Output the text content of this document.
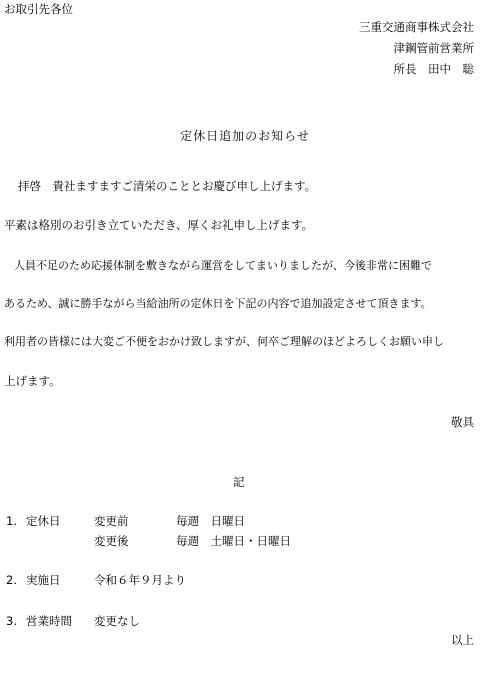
お取引先各位
三重交通商事株式会社
津鋼管前営業所
所長　田中　聡
定休日追加のお知らせ
拝啓　貴社ますますご清栄のこととお慶び申し上げます。
平素は格別のお引き立ていただき、厚くお礼申し上げます。
人員不足のため応援体制を敷きながら運営をしてまいりましたが、今後非常に困難で
あるため、誠に勝手ながら当給油所の定休日を下記の内容で追加設定させて頂きます。
利用者の皆様には大変ご不便をおかけ致しますが、何卒ご理解のほどよろしくお願い申し
上げます。
敬具
記
1. 定休日	変更前	毎週　日曜日
変更後	毎週　土曜日・日曜日
2. 実施日	令和６年９月より
3. 営業時間 変更なし
以上
